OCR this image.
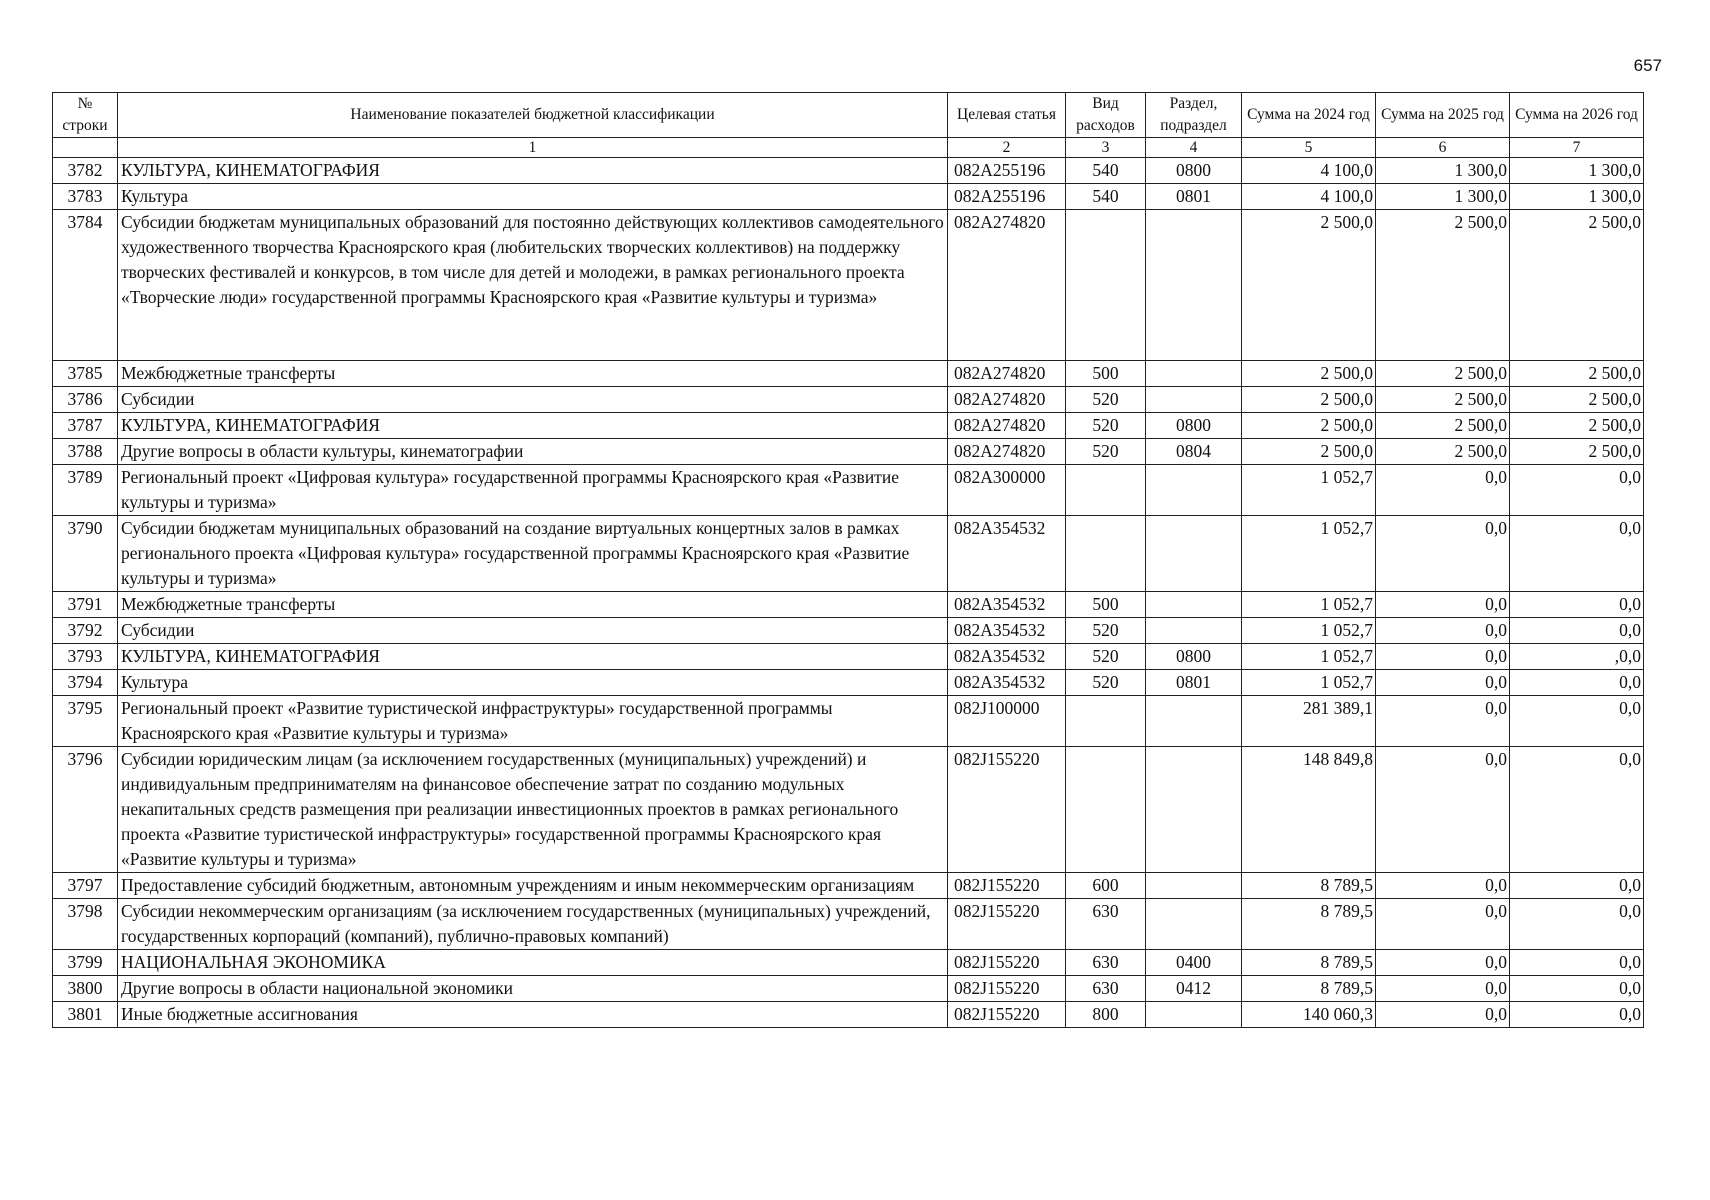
657
№ строки	Наименование показателей бюджетной классификации	Целевая статья	Вид расходов	Раздел, подраздел	Сумма на 2024 год	Сумма на 2025 год	Сумма на 2026 год
	1	2	3	4	5	6	7
3782	КУЛЬТУРА, КИНЕМАТОГРАФИЯ	082A255196	540	0800	4 100,0	1 300,0	1 300,0
3783	Культура	082A255196	540	0801	4 100,0	1 300,0	1 300,0
3784	Субсидии бюджетам муниципальных образований для постоянно действующих коллективов самодеятельного художественного творчества Красноярского края (любительских творческих коллективов) на поддержку творческих фестивалей и конкурсов, в том числе для детей и молодежи, в рамках регионального проекта «Творческие люди» государственной программы Красноярского края «Развитие культуры и туризма»	082A274820			2 500,0	2 500,0	2 500,0
3785	Межбюджетные трансферты	082A274820	500		2 500,0	2 500,0	2 500,0
3786	Субсидии	082A274820	520		2 500,0	2 500,0	2 500,0
3787	КУЛЬТУРА, КИНЕМАТОГРАФИЯ	082A274820	520	0800	2 500,0	2 500,0	2 500,0
3788	Другие вопросы в области культуры, кинематографии	082A274820	520	0804	2 500,0	2 500,0	2 500,0
3789	Региональный проект «Цифровая культура» государственной программы Красноярского края «Развитие культуры и туризма»	082A300000			1 052,7	0,0	0,0
3790	Субсидии бюджетам муниципальных образований на создание виртуальных концертных залов в рамках регионального проекта «Цифровая культура» государственной программы Красноярского края «Развитие культуры и туризма»	082A354532			1 052,7	0,0	0,0
3791	Межбюджетные трансферты	082A354532	500		1 052,7	0,0	0,0
3792	Субсидии	082A354532	520		1 052,7	0,0	0,0
3793	КУЛЬТУРА, КИНЕМАТОГРАФИЯ	082A354532	520	0800	1 052,7	0,0	,0,0
3794	Культура	082A354532	520	0801	1 052,7	0,0	0,0
3795	Региональный проект «Развитие туристической инфраструктуры» государственной программы Красноярского края «Развитие культуры и туризма»	082J100000			281 389,1	0,0	0,0
3796	Субсидии юридическим лицам (за исключением государственных (муниципальных) учреждений) и индивидуальным предпринимателям на финансовое обеспечение затрат по созданию модульных некапитальных средств размещения при реализации инвестиционных проектов в рамках регионального проекта «Развитие туристической инфраструктуры» государственной программы Красноярского края «Развитие культуры и туризма»	082J155220			148 849,8	0,0	0,0
3797	Предоставление субсидий бюджетным, автономным учреждениям и иным некоммерческим организациям	082J155220	600		8 789,5	0,0	0,0
3798	Субсидии некоммерческим организациям (за исключением государственных (муниципальных) учреждений, государственных корпораций (компаний), публично-правовых компаний)	082J155220	630		8 789,5	0,0	0,0
3799	НАЦИОНАЛЬНАЯ ЭКОНОМИКА	082J155220	630	0400	8 789,5	0,0	0,0
3800	Другие вопросы в области национальной экономики	082J155220	630	0412	8 789,5	0,0	0,0
3801	Иные бюджетные ассигнования	082J155220	800		140 060,3	0,0	0,0
